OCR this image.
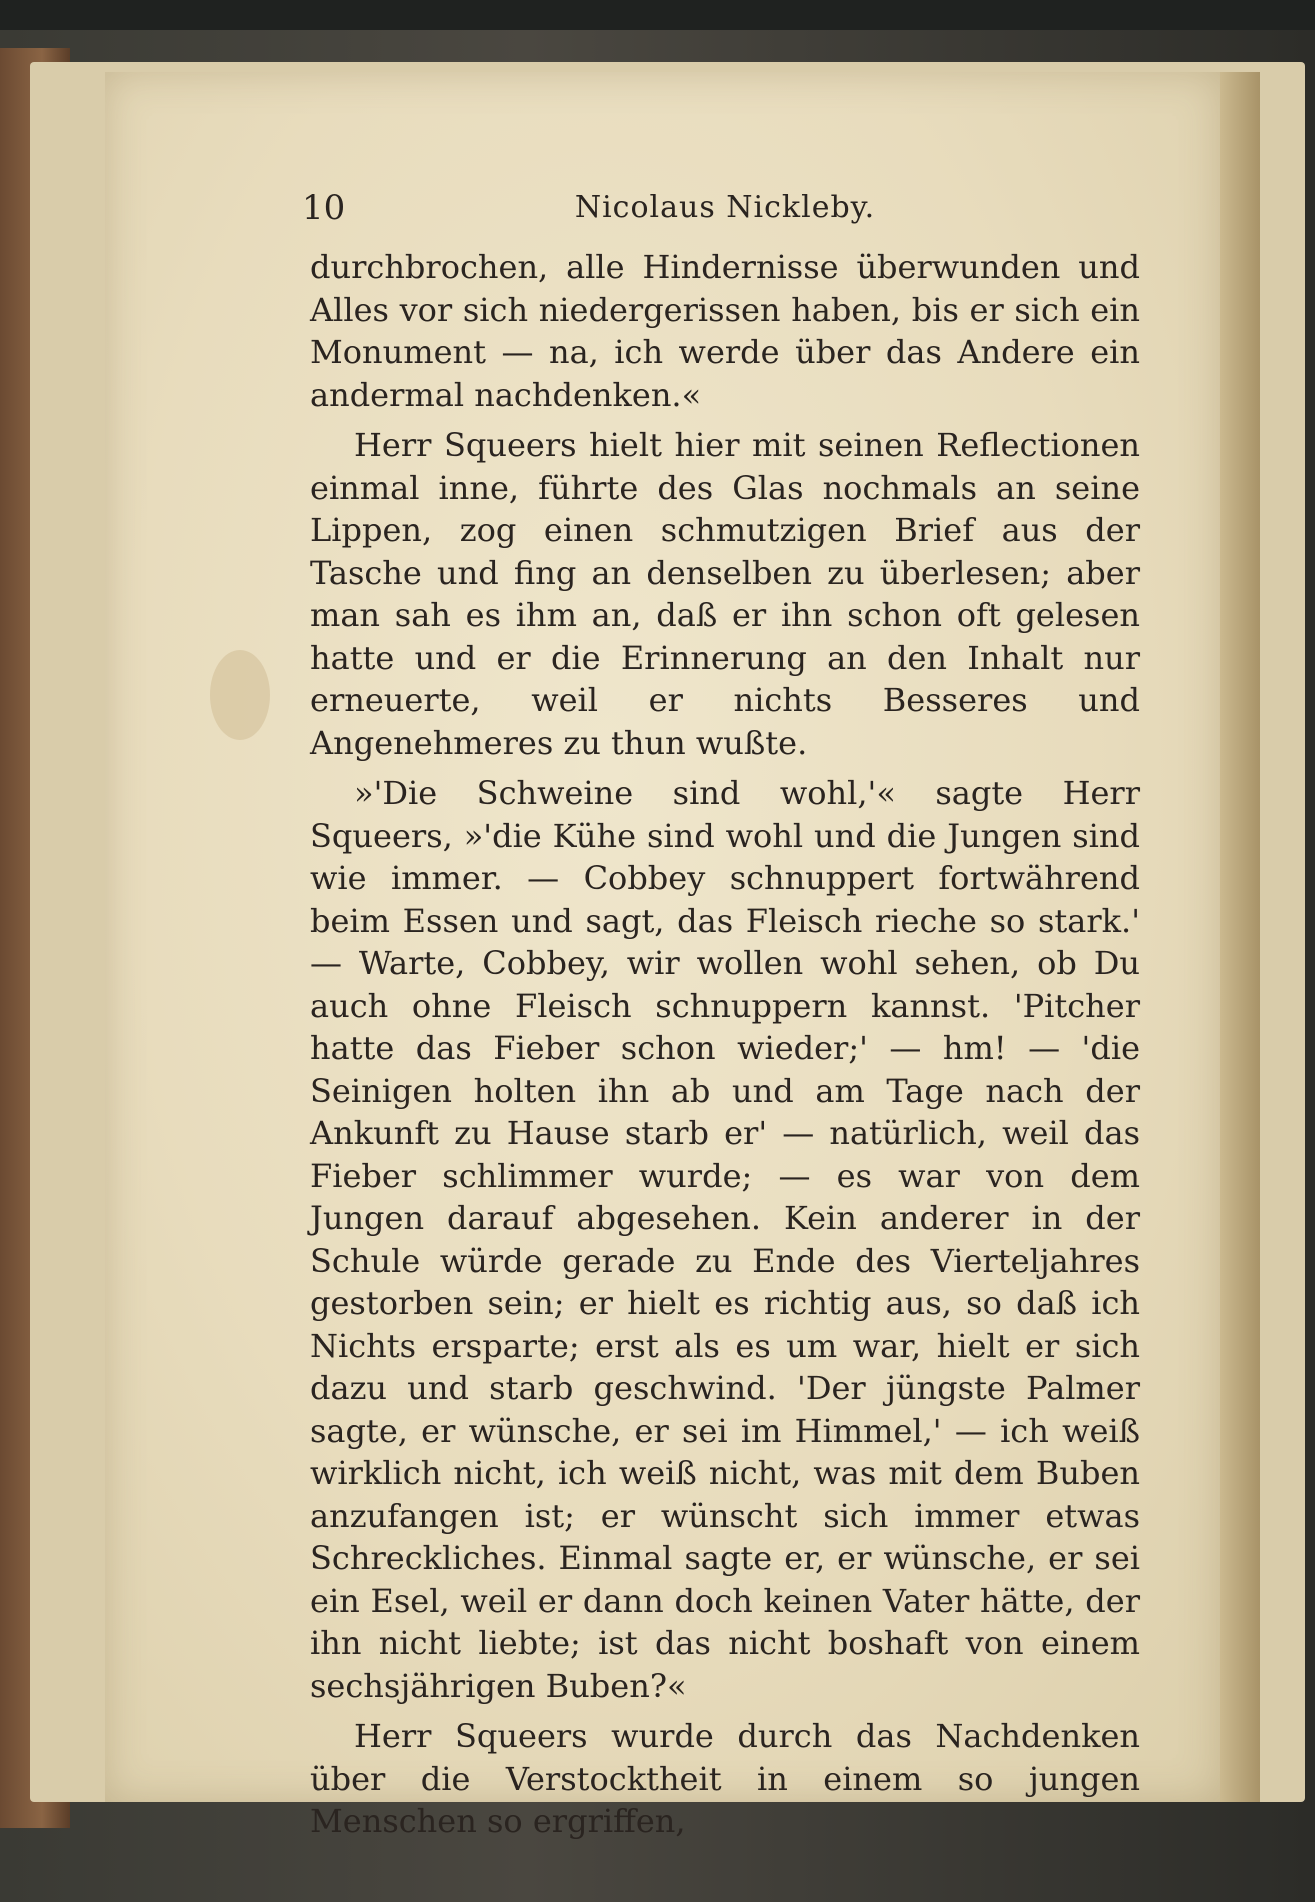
10	Nicolaus Nickleby.

durchbrochen, alle Hindernisse überwunden und Alles vor sich niedergerissen haben, bis er sich ein Monument — na, ich werde über das Andere ein andermal nachdenken.«

Herr Squeers hielt hier mit seinen Reflectionen einmal inne, führte des Glas nochmals an seine Lippen, zog einen schmutzigen Brief aus der Tasche und fing an denselben zu überlesen; aber man sah es ihm an, daß er ihn schon oft gelesen hatte und er die Erinnerung an den Inhalt nur erneuerte, weil er nichts Besseres und Angenehmeres zu thun wußte.

»'Die Schweine sind wohl,'« sagte Herr Squeers, »'die Kühe sind wohl und die Jungen sind wie immer. — Cobbey schnuppert fortwährend beim Essen und sagt, das Fleisch rieche so stark.' — Warte, Cobbey, wir wollen wohl sehen, ob Du auch ohne Fleisch schnuppern kannst. 'Pitcher hatte das Fieber schon wieder;' — hm! — 'die Seinigen holten ihn ab und am Tage nach der Ankunft zu Hause starb er' — natürlich, weil das Fieber schlimmer wurde; — es war von dem Jungen darauf abgesehen. Kein anderer in der Schule würde gerade zu Ende des Vierteljahres gestorben sein; er hielt es richtig aus, so daß ich Nichts ersparte; erst als es um war, hielt er sich dazu und starb geschwind. 'Der jüngste Palmer sagte, er wünsche, er sei im Himmel,' — ich weiß wirklich nicht, ich weiß nicht, was mit dem Buben anzufangen ist; er wünscht sich immer etwas Schreckliches. Einmal sagte er, er wünsche, er sei ein Esel, weil er dann doch keinen Vater hätte, der ihn nicht liebte; ist das nicht boshaft von einem sechsjährigen Buben?«

Herr Squeers wurde durch das Nachdenken über die Verstocktheit in einem so jungen Menschen so ergriffen,
